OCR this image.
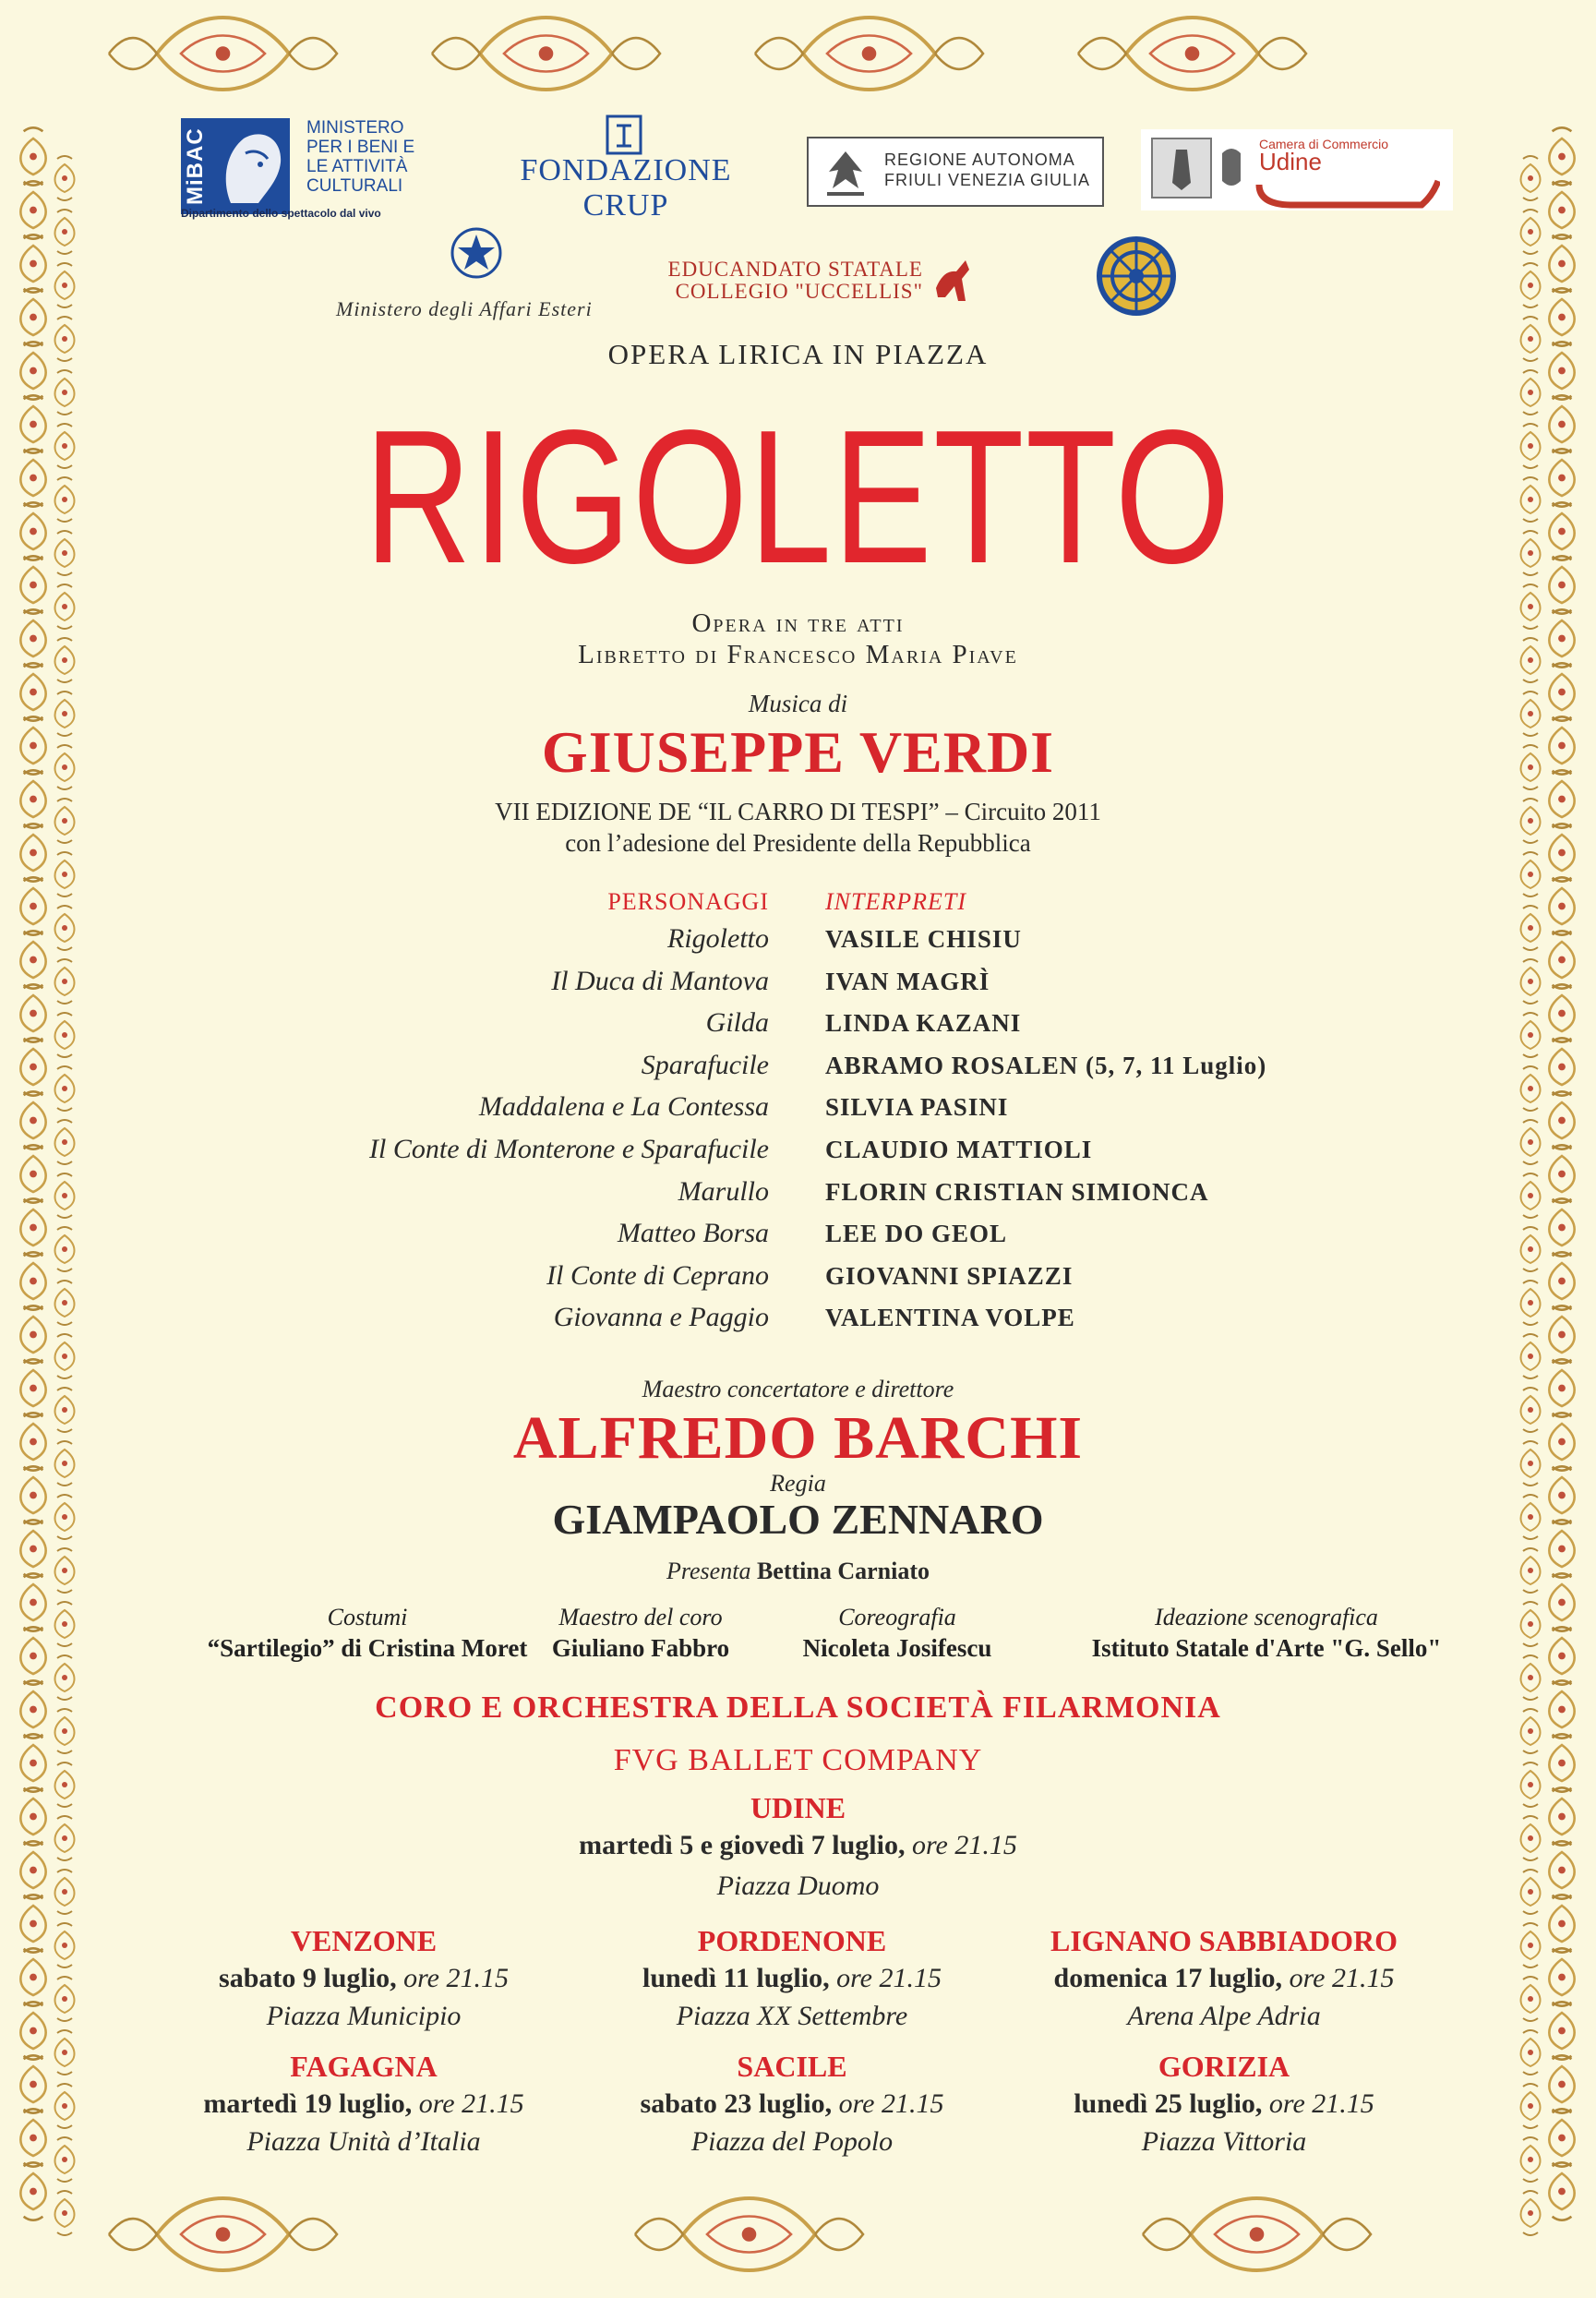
MiBAC	MINISTERO
PER I BENI E
LE ATTIVITÀ
CULTURALI
Dipartimento dello spettacolo dal vivo
FONDAZIONE
CRUP
REGIONE AUTONOMA
FRIULI VENEZIA GIULIA
Camera di Commercio
Udine
Ministero degli Affari Esteri
EDUCANDATO STATALE
COLLEGIO "UCCELLIS"
OPERA LIRICA IN PIAZZA
RIGOLETTO
Opera in tre atti
Libretto di Francesco Maria Piave
Musica di
GIUSEPPE VERDI
VII EDIZIONE DE “IL CARRO DI TESPI” – Circuito 2011
con l’adesione del Presidente della Repubblica
PERSONAGGI INTERPRETI
Rigoletto VASILE CHISIU
Il Duca di Mantova IVAN MAGRÌ
Gilda LINDA KAZANI
Sparafucile ABRAMO ROSALEN (5, 7, 11 Luglio)
Maddalena e La Contessa SILVIA PASINI
Il Conte di Monterone e Sparafucile CLAUDIO MATTIOLI
Marullo FLORIN CRISTIAN SIMIONCA
Matteo Borsa LEE DO GEOL
Il Conte di Ceprano GIOVANNI SPIAZZI
Giovanna e Paggio VALENTINA VOLPE
Maestro concertatore e direttore
ALFREDO BARCHI
Regia
GIAMPAOLO ZENNARO
Presenta Bettina Carniato
Costumi
“Sartilegio” di Cristina Moret
Maestro del coro
Giuliano Fabbro
Coreografia
Nicoleta Josifescu
Ideazione scenografica
Istituto Statale d'Arte "G. Sello"
CORO E ORCHESTRA DELLA SOCIETÀ FILARMONIA
FVG BALLET COMPANY
UDINE
martedì 5 e giovedì 7 luglio, ore 21.15
Piazza Duomo
VENZONE
sabato 9 luglio, ore 21.15
Piazza Municipio
PORDENONE
lunedì 11 luglio, ore 21.15
Piazza XX Settembre
LIGNANO SABBIADORO
domenica 17 luglio, ore 21.15
Arena Alpe Adria
FAGAGNA
martedì 19 luglio, ore 21.15
Piazza Unità d’Italia
SACILE
sabato 23 luglio, ore 21.15
Piazza del Popolo
GORIZIA
lunedì 25 luglio, ore 21.15
Piazza Vittoria
